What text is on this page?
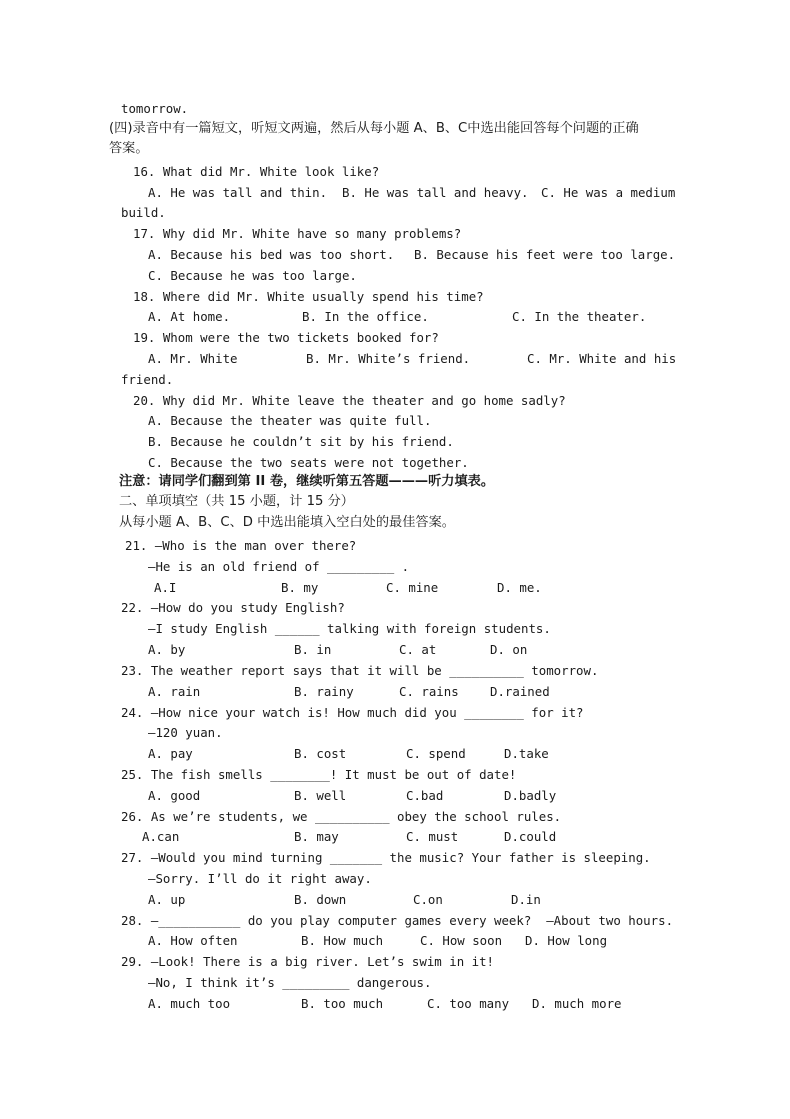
tomorrow.
(四)录音中有一篇短文，听短文两遍，然后从每小题 A、B、C中选出能回答每个问题的正确
答案。
16. What did Mr. White look like?
A. He was tall and thin. B. He was tall and heavy. C. He was a medium
build.
17. Why did Mr. White have so many problems?
A. Because his bed was too short. B. Because his feet were too large.
C. Because he was too large.
18. Where did Mr. White usually spend his time?
A. At home.	B. In the office.	C. In the theater.
19. Whom were the two tickets booked for?
A. Mr. White	B. Mr. White’s friend.	C. Mr. White and his
friend.
20. Why did Mr. White leave the theater and go home sadly?
A. Because the theater was quite full.
B. Because he couldn’t sit by his friend.
C. Because the two seats were not together.
注意：请同学们翻到第 II 卷，继续听第五答题———听力填表。
二、单项填空（共 15 小题，计 15 分）
从每小题 A、B、C、D 中选出能填入空白处的最佳答案。
21. —Who is the man over there?
—He is an old friend of _________ .
A.I	B. my	C. mine	D. me.
22. —How do you study English?
—I study English ______ talking with foreign students.
A. by	B. in	C. at	D. on
23. The weather report says that it will be __________ tomorrow.
A. rain	B. rainy	C. rains	D.rained
24. —How nice your watch is! How much did you ________ for it?
—120 yuan.
A. pay	B. cost	C. spend	D.take
25. The fish smells ________! It must be out of date!
A. good	B. well	C.bad	D.badly
26. As we’re students, we __________ obey the school rules.
A.can	B. may	C. must	D.could
27. —Would you mind turning _______ the music? Your father is sleeping.
—Sorry. I’ll do it right away.
A. up	B. down	C.on	D.in
28. —___________ do you play computer games every week?  —About two hours.
A. How often	B. How much	C. How soon D. How long
29. —Look! There is a big river. Let’s swim in it!
—No, I think it’s _________ dangerous.
A. much too	B. too much	C. too many D. much more
